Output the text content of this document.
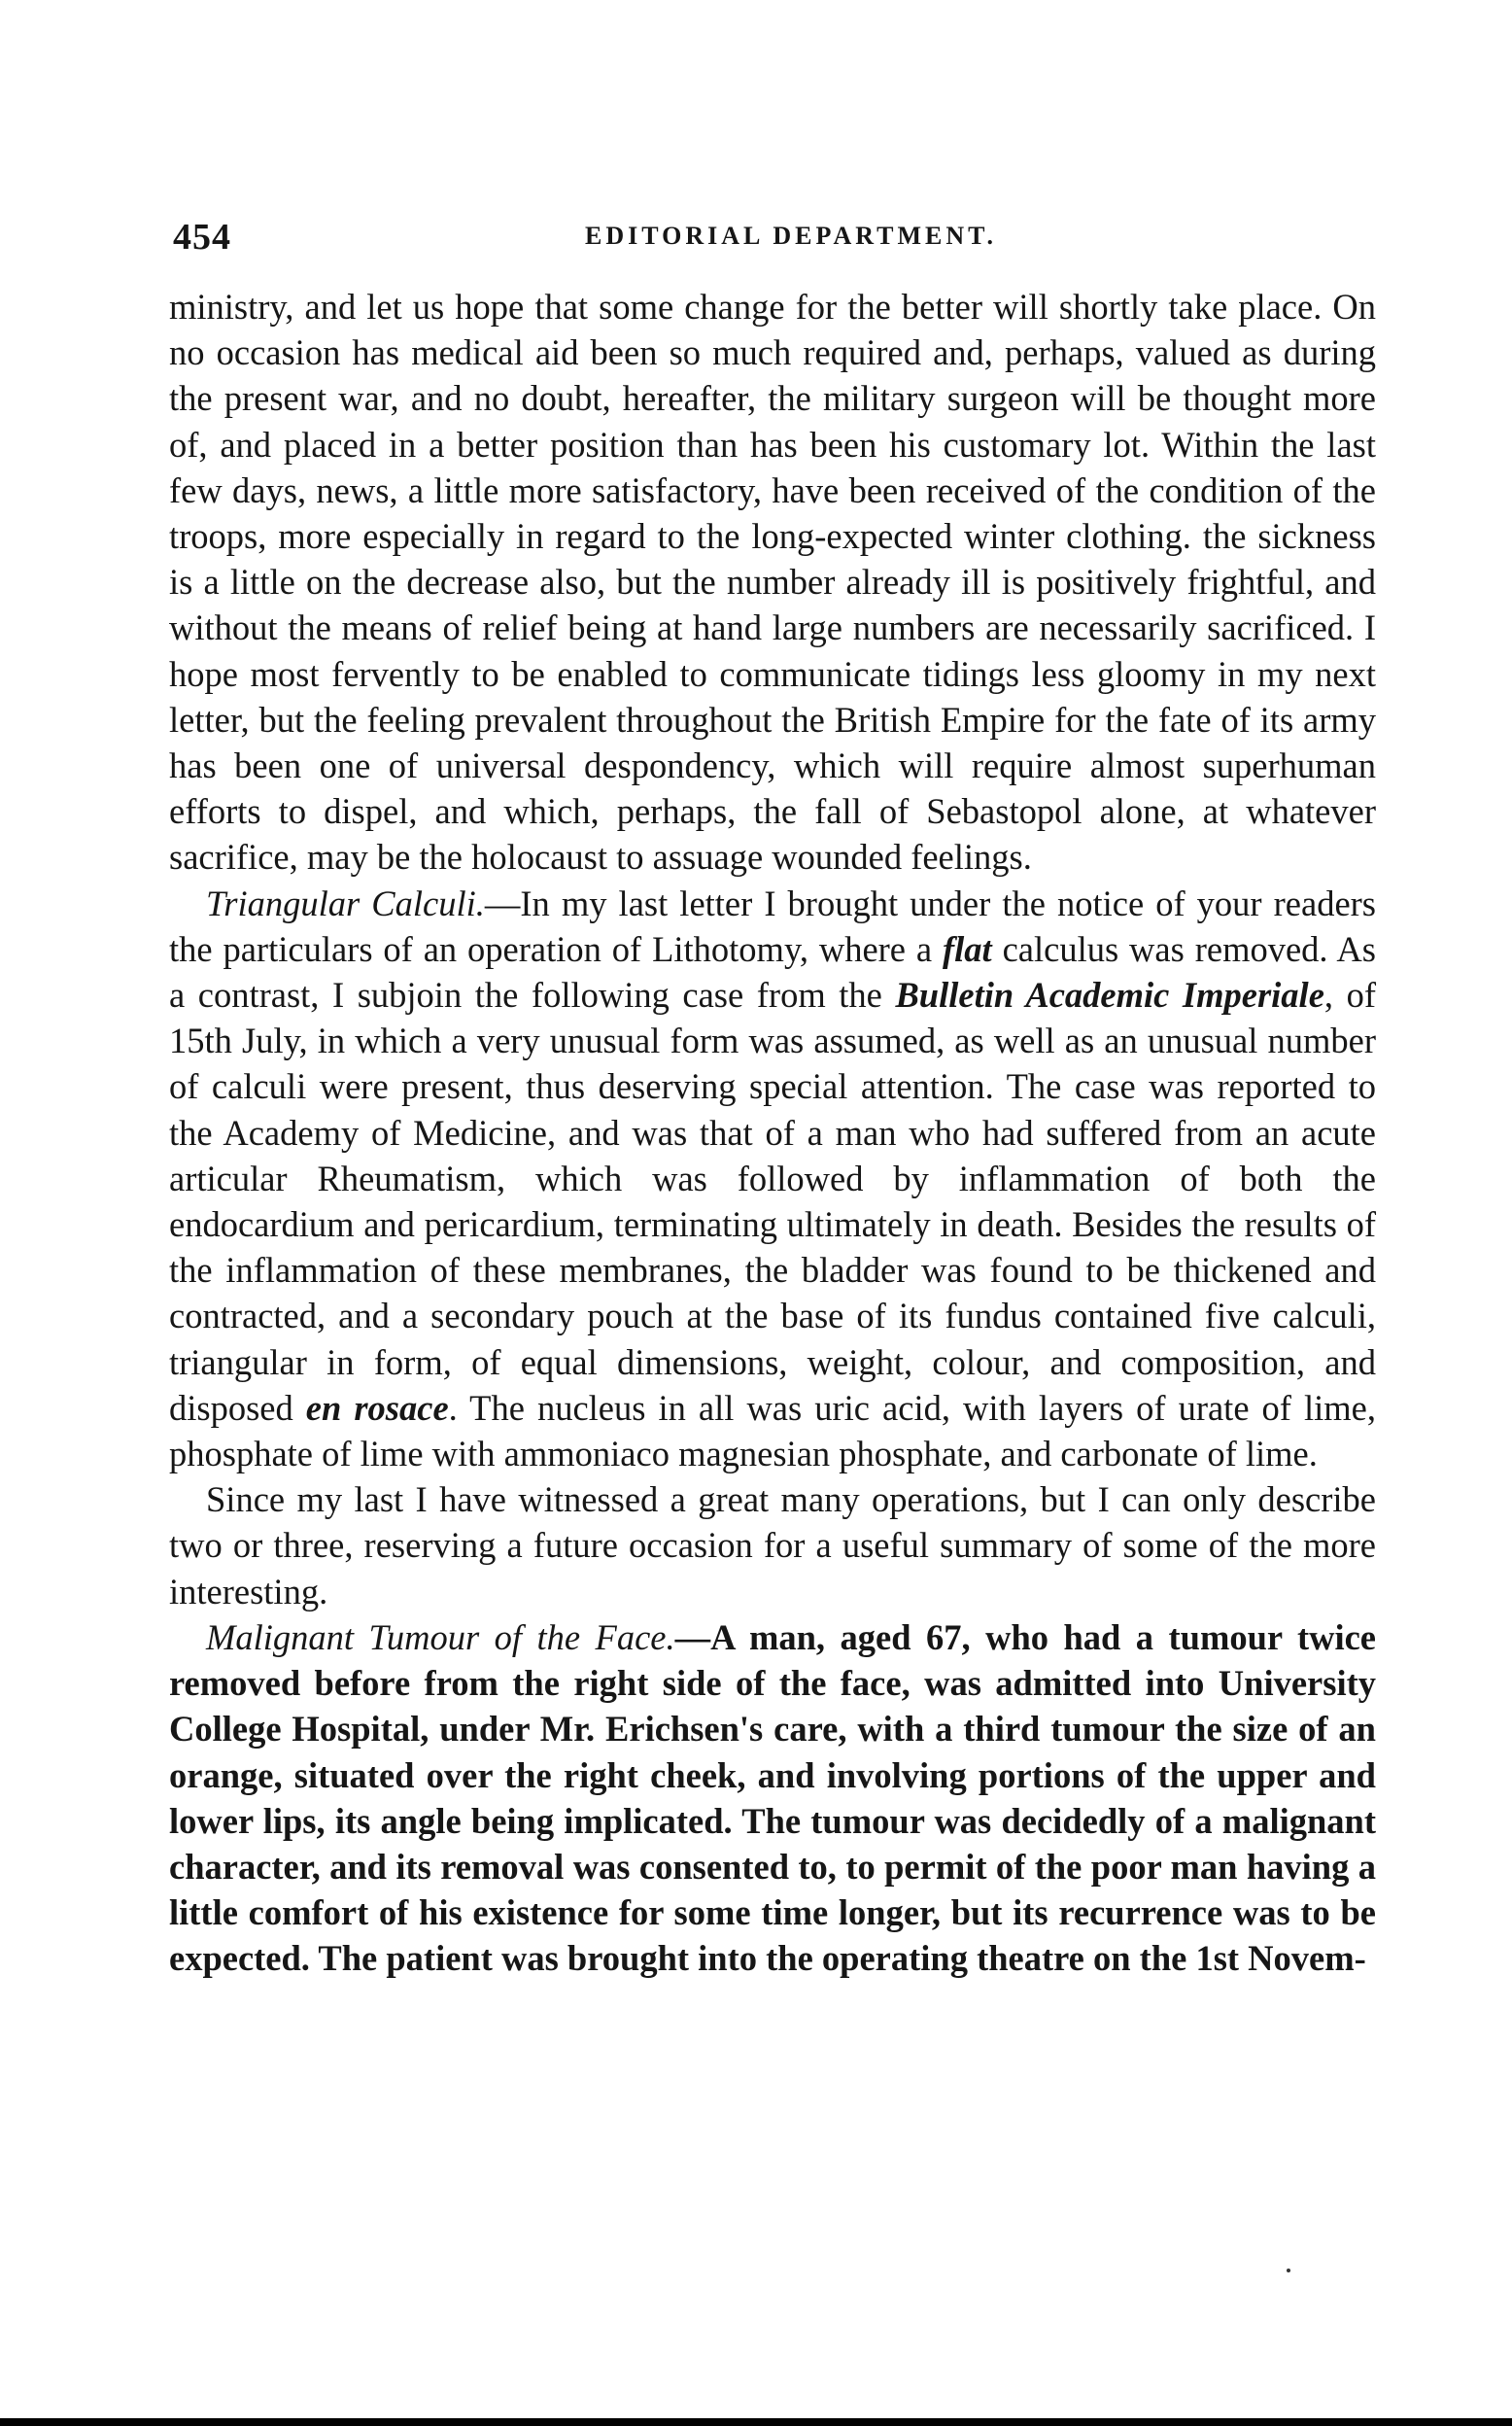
454	EDITORIAL DEPARTMENT.

ministry, and let us hope that some change for the better will shortly take place. On no occasion has medical aid been so much required and, perhaps, valued as during the present war, and no doubt, hereafter, the military surgeon will be thought more of, and placed in a better position than has been his customary lot. Within the last few days, news, a little more satisfactory, have been received of the condition of the troops, more especially in regard to the long-expected winter clothing. the sickness is a little on the decrease also, but the number already ill is positively frightful, and without the means of relief being at hand large numbers are necessarily sacrificed. I hope most fervently to be enabled to communicate tidings less gloomy in my next letter, but the feeling prevalent throughout the British Empire for the fate of its army has been one of universal despondency, which will require almost superhuman efforts to dispel, and which, perhaps, the fall of Sebastopol alone, at whatever sacrifice, may be the holocaust to assuage wounded feelings.

Triangular Calculi.—In my last letter I brought under the notice of your readers the particulars of an operation of Lithotomy, where a flat calculus was removed. As a contrast, I subjoin the following case from the Bulletin Academic Imperiale, of 15th July, in which a very unusual form was assumed, as well as an unusual number of calculi were present, thus deserving special attention. The case was reported to the Academy of Medicine, and was that of a man who had suffered from an acute articular Rheumatism, which was followed by inflammation of both the endocardium and pericardium, terminating ultimately in death. Besides the results of the inflammation of these membranes, the bladder was found to be thickened and contracted, and a secondary pouch at the base of its fundus contained five calculi, triangular in form, of equal dimensions, weight, colour, and composition, and disposed en rosace. The nucleus in all was uric acid, with layers of urate of lime, phosphate of lime with ammoniaco magnesian phosphate, and carbonate of lime.

Since my last I have witnessed a great many operations, but I can only describe two or three, reserving a future occasion for a useful summary of some of the more interesting.

Malignant Tumour of the Face.—A man, aged 67, who had a tumour twice removed before from the right side of the face, was admitted into University College Hospital, under Mr. Erichsen's care, with a third tumour the size of an orange, situated over the right cheek, and involving portions of the upper and lower lips, its angle being implicated. The tumour was decidedly of a malignant character, and its removal was consented to, to permit of the poor man having a little comfort of his existence for some time longer, but its recurrence was to be expected. The patient was brought into the operating theatre on the 1st Novem-
